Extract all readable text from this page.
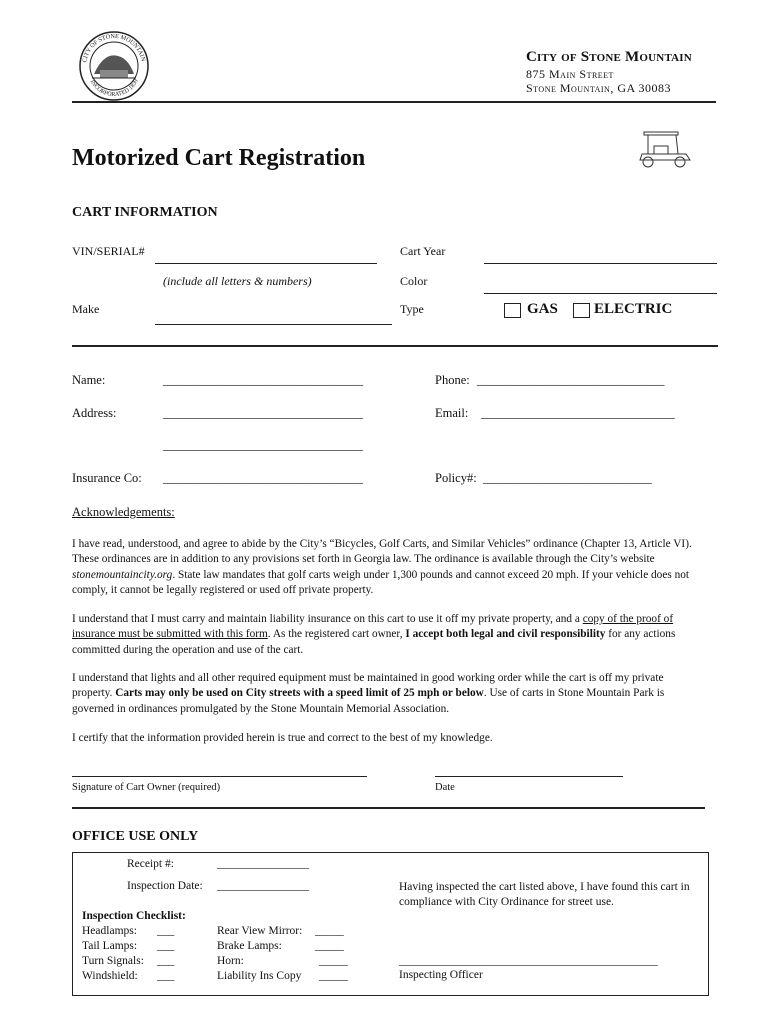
CITY OF STONE MOUNTAIN
INCORPORATED 1839
City of Stone Mountain
875 Main Street
Stone Mountain, GA 30083
Motorized Cart Registration
CART INFORMATION
VIN/SERIAL#
(include all letters & numbers)
Make
Cart Year
Color
Type	GAS ELECTRIC
Name:	________________________________	Phone: ______________________________
Address:	________________________________	Email: _______________________________
________________________________
Insurance Co: ________________________________	Policy#: ___________________________
Acknowledgements:

I have read, understood, and agree to abide by the City’s “Bicycles, Golf Carts, and Similar Vehicles” ordinance (Chapter 13, Article VI). These ordinances are in addition to any provisions set forth in Georgia law. The ordinance is available through the City’s website stonemountaincity.org. State law mandates that golf carts weigh under 1,300 pounds and cannot exceed 20 mph. If your vehicle does not comply, it cannot be legally registered or used off private property.

I understand that I must carry and maintain liability insurance on this cart to use it off my private property, and a copy of the proof of insurance must be submitted with this form. As the registered cart owner, I accept both legal and civil responsibility for any actions committed during the operation and use of the cart.

I understand that lights and all other required equipment must be maintained in good working order while the cart is off my private property. Carts may only be used on City streets with a speed limit of 25 mph or below. Use of carts in Stone Mountain Park is governed in ordinances promulgated by the Stone Mountain Memorial Association.

I certify that the information provided herein is true and correct to the best of my knowledge.

Signature of Cart Owner (required)	Date
OFFICE USE ONLY
Receipt #:	________________
Inspection Date: ________________	Having inspected the cart listed above, I have found this cart in compliance with City Ordinance for street use.
Inspection Checklist:
Headlamps: ___
Tail Lamps: ___
Turn Signals: ___
Windshield: ___
Rear View Mirror: _____
Brake Lamps:	_____
Horn:	_____
Liability Ins Copy _____
_____________________________________________
Inspecting Officer
